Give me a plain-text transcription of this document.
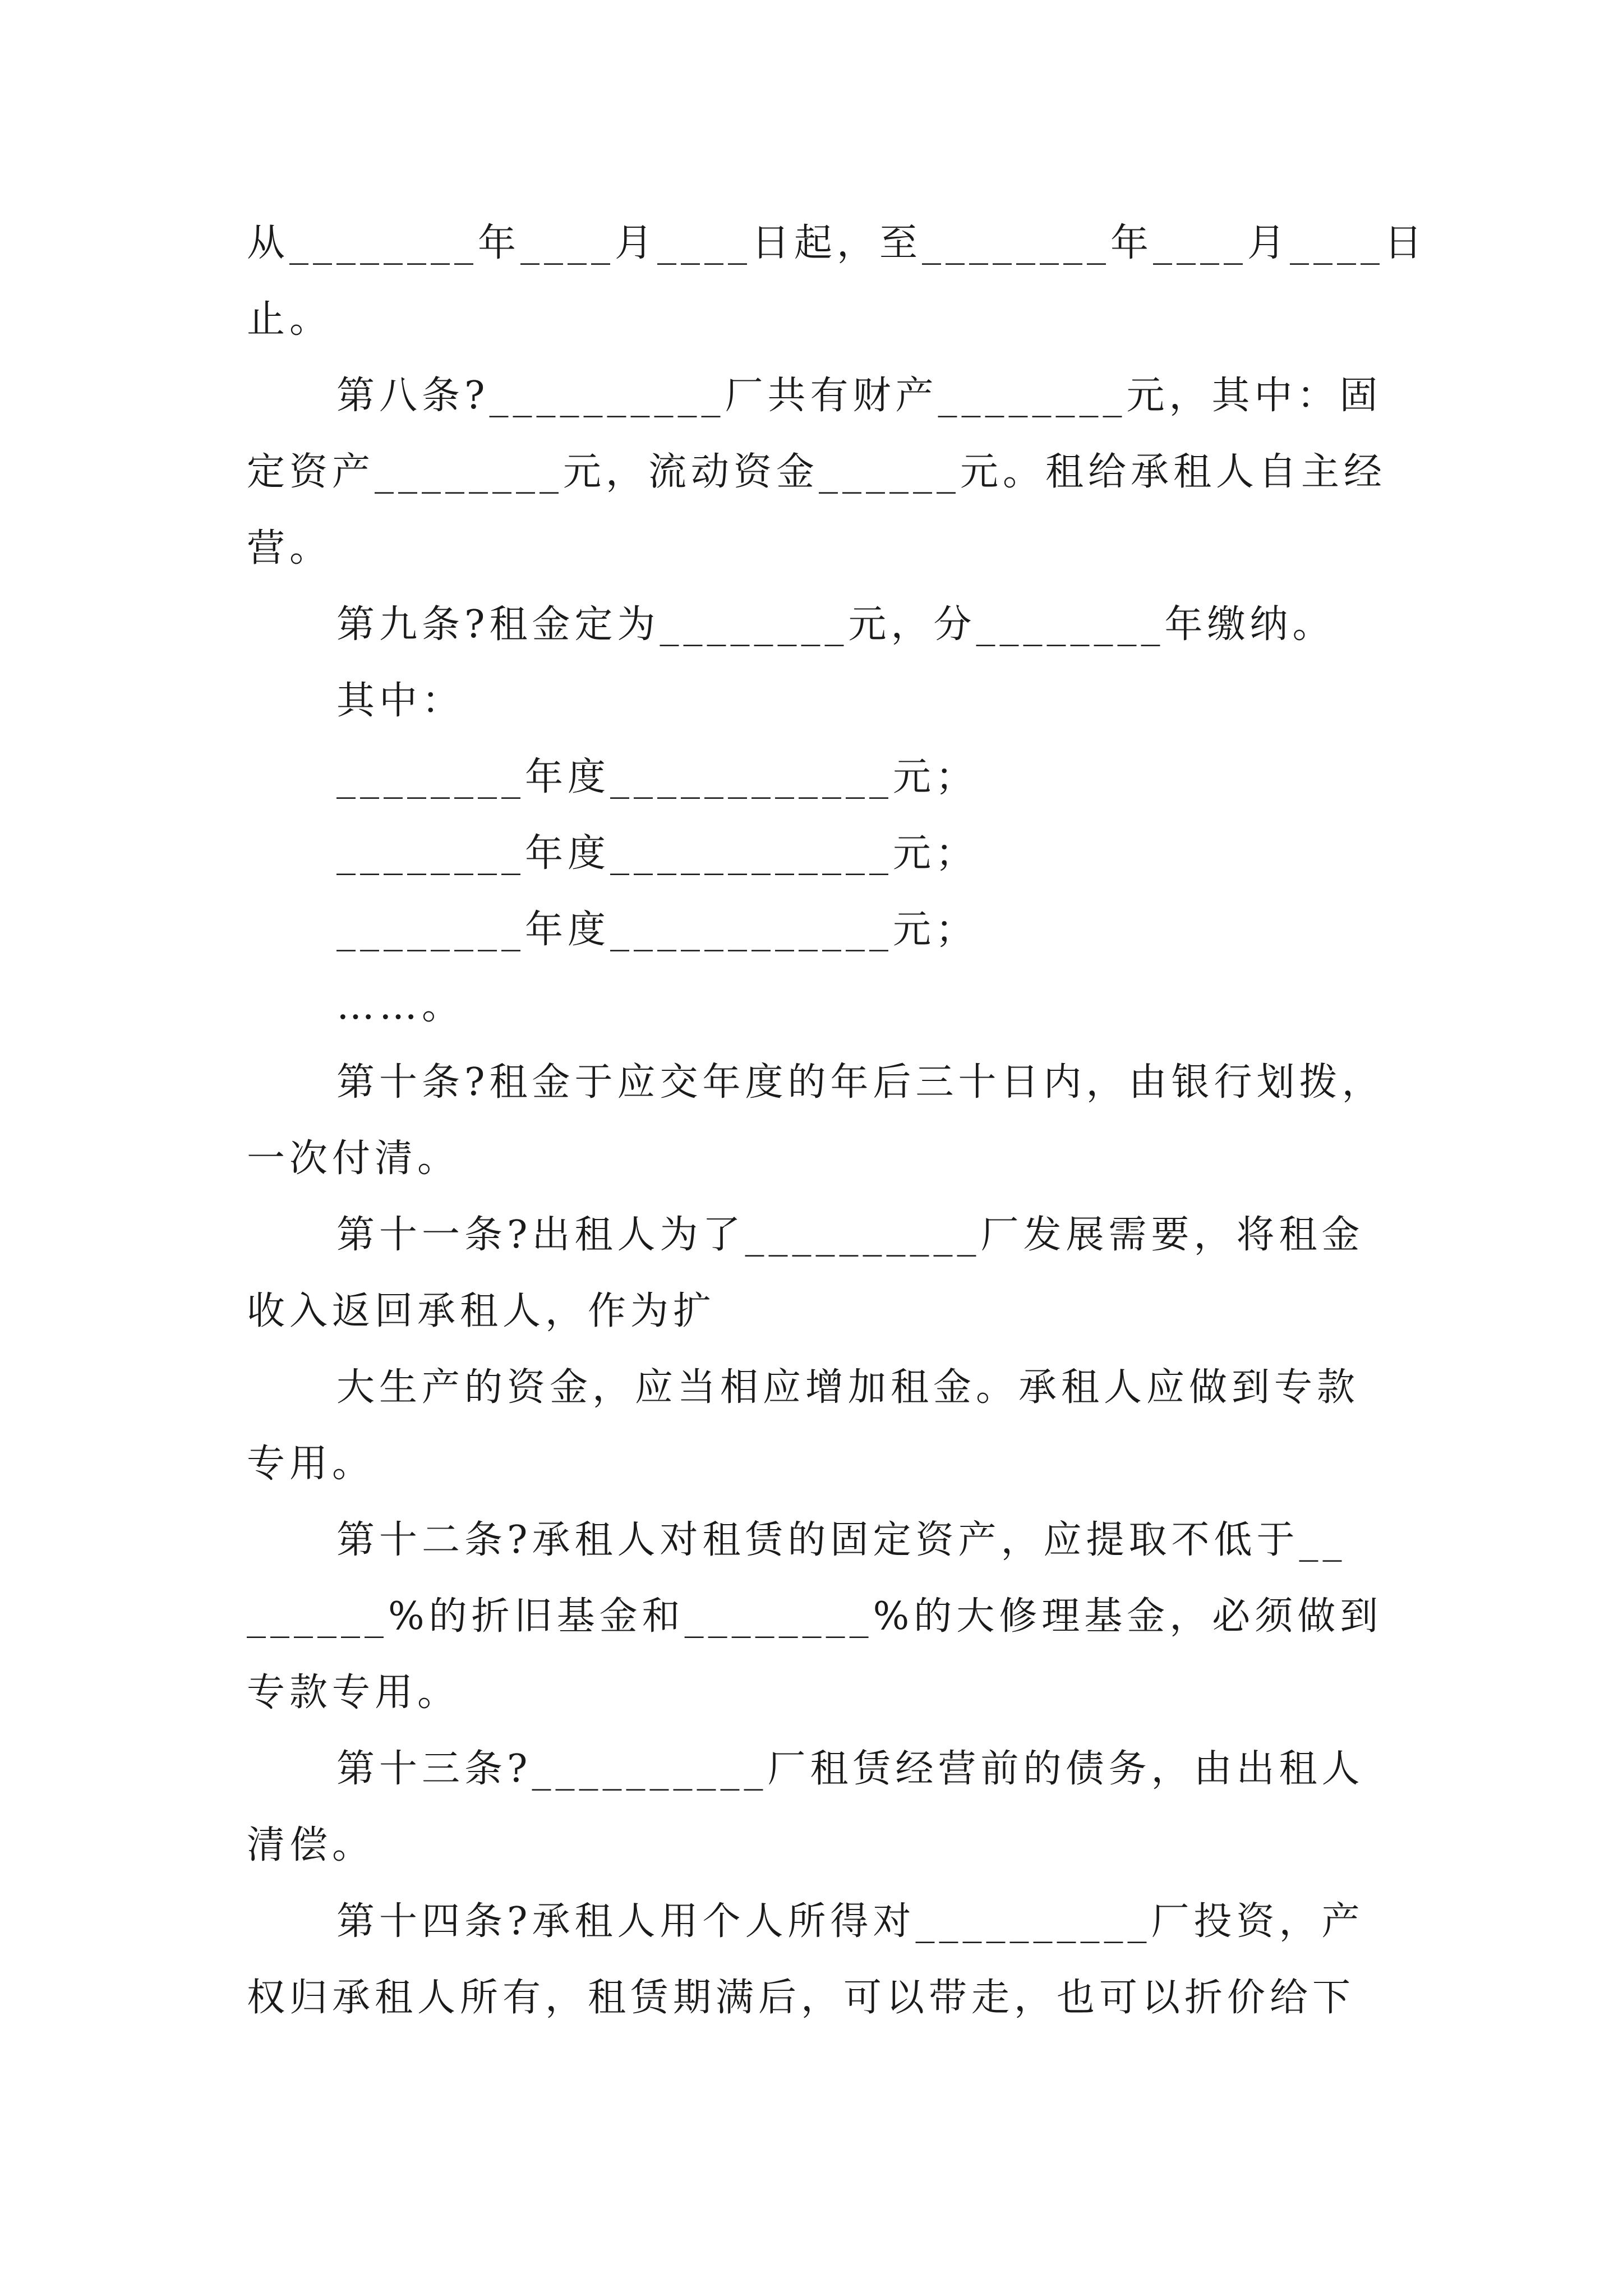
从________年____月____日起，至________年____月____日
止。
第八条?__________厂共有财产________元，其中：固
定资产________元，流动资金______元。租给承租人自主经
营。
第九条?租金定为________元，分________年缴纳。
其中：
________年度____________元；
________年度____________元；
________年度____________元；
……。
第十条?租金于应交年度的年后三十日内，由银行划拨，
一次付清。
第十一条?出租人为了__________厂发展需要，将租金
收入返回承租人，作为扩
大生产的资金，应当相应增加租金。承租人应做到专款
专用。
第十二条?承租人对租赁的固定资产，应提取不低于__
______%的折旧基金和________%的大修理基金，必须做到
专款专用。
第十三条?__________厂租赁经营前的债务，由出租人
清偿。
第十四条?承租人用个人所得对__________厂投资，产
权归承租人所有，租赁期满后，可以带走，也可以折价给下
